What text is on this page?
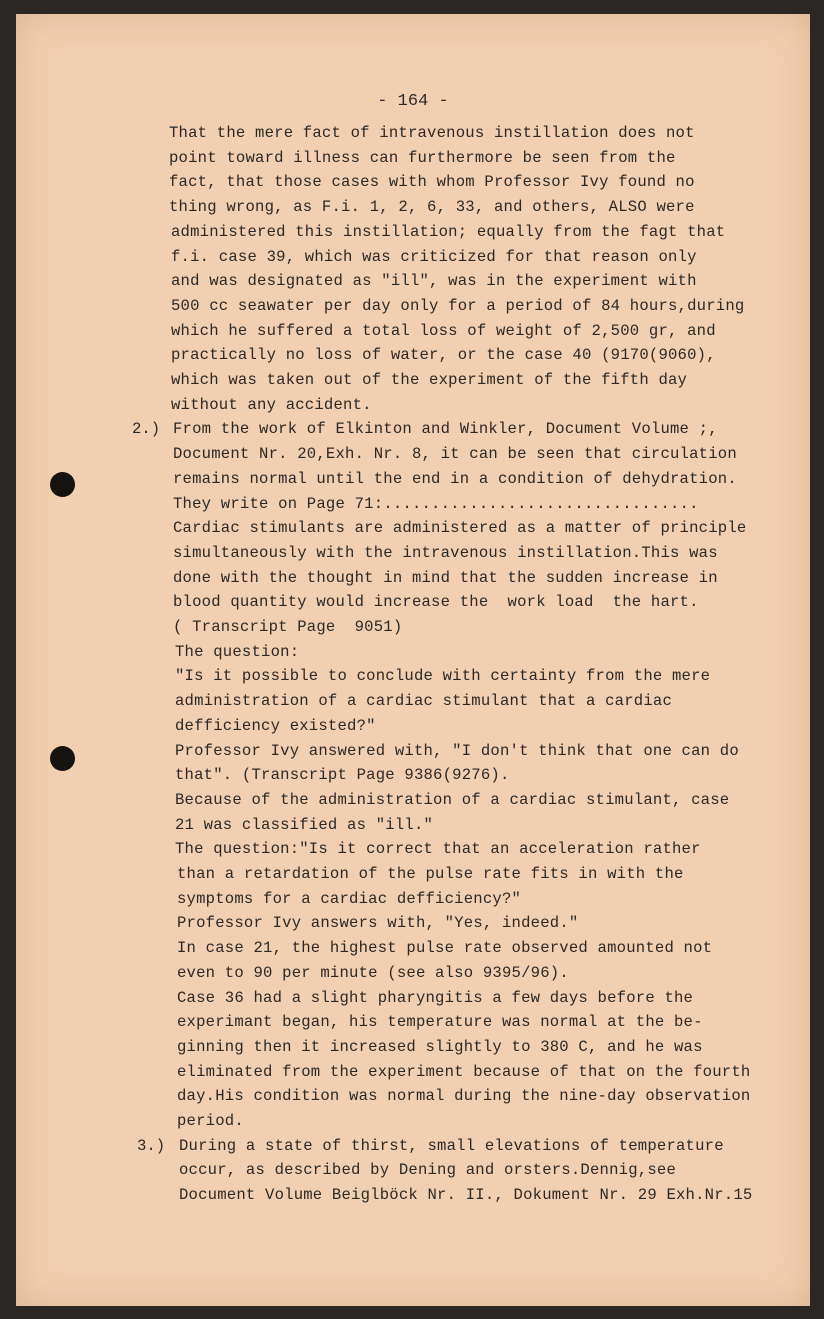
- 164 -
That the mere fact of intravenous instillation does not
point toward illness can furthermore be seen from the
fact, that those cases with whom Professor Ivy found no
thing wrong, as F.i. 1, 2, 6, 33, and others, ALSO were
administered this instillation; equally from the fagt that
f.i. case 39, which was criticized for that reason only
and was designated as "ill", was in the experiment with
500 cc seawater per day only for a period of 84 hours,during
which he suffered a total loss of weight of 2,500 gr, and
practically no loss of water, or the case 40 (9170(9060),
which was taken out of the experiment of the fifth day
without any accident.
From the work of Elkinton and Winkler, Document Volume ;,
Document Nr. 20,Exh. Nr. 8, it can be seen that circulation
remains normal until the end in a condition of dehydration.
They write on Page 71:.................................
Cardiac stimulants are administered as a matter of principle
simultaneously with the intravenous instillation.This was
done with the thought in mind that the sudden increase in
blood quantity would increase the  work load  the hart.
( Transcript Page  9051)
The question:
"Is it possible to conclude with certainty from the mere
administration of a cardiac stimulant that a cardiac
defficiency existed?"
Professor Ivy answered with, "I don't think that one can do
that". (Transcript Page 9386(9276).
Because of the administration of a cardiac stimulant, case
21 was classified as "ill."
The question:"Is it correct that an acceleration rather
than a retardation of the pulse rate fits in with the
symptoms for a cardiac defficiency?"
Professor Ivy answers with, "Yes, indeed."
In case 21, the highest pulse rate observed amounted not
even to 90 per minute (see also 9395/96).
Case 36 had a slight pharyngitis a few days before the
experimant began, his temperature was normal at the be-
ginning then it increased slightly to 380 C, and he was
eliminated from the experiment because of that on the fourth
day.His condition was normal during the nine-day observation
period.
During a state of thirst, small elevations of temperature
occur, as described by Dening and orsters.Dennig,see
Document Volume Beiglböck Nr. II., Dokument Nr. 29 Exh.Nr.15
2.)
3.)
